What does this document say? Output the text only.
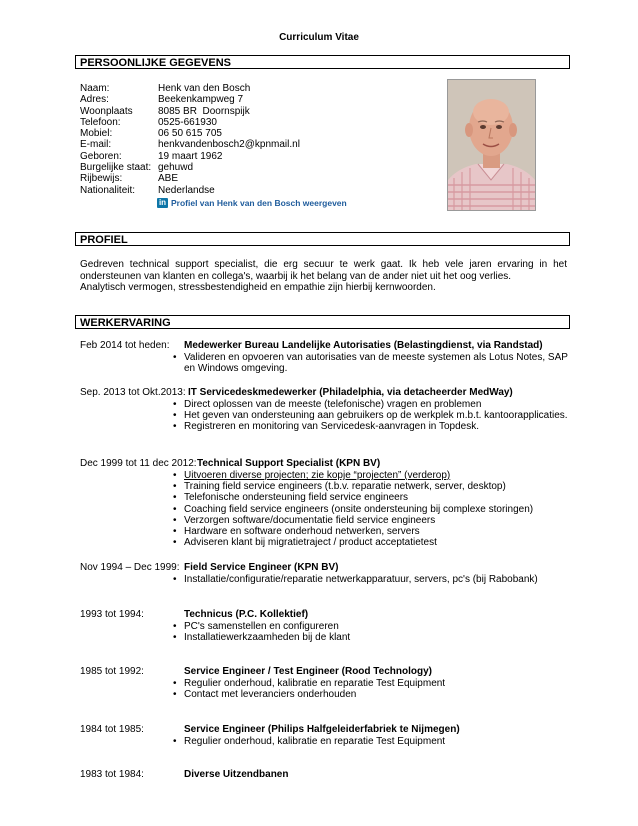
Curriculum Vitae
PERSOONLIJKE GEGEVENS
Naam:	Henk van den Bosch
Adres:	Beekenkampweg 7
Woonplaats	8085 BR  Doornspijk
Telefoon:	0525-661930
Mobiel:	06 50 615 705
E-mail:	henkvandenbosch2@kpnmail.nl
Geboren:	19 maart 1962
Burgelijke staat: gehuwd
Rijbewijs:	ABE
Nationaliteit:	Nederlandse
in Profiel van Henk van den Bosch weergeven
PROFIEL
Gedreven technical support specialist, die erg secuur te werk gaat. Ik heb vele jaren ervaring in het ondersteunen van klanten en collega's, waarbij ik het belang van de ander niet uit het oog verlies.
Analytisch vermogen, stressbestendigheid en empathie zijn hierbij kernwoorden.
WERKERVARING
Feb 2014 tot heden:	Medewerker Bureau Landelijke Autorisaties (Belastingdienst, via Randstad)
• Valideren en opvoeren van autorisaties van de meeste systemen als Lotus Notes, SAP en Windows omgeving.
Sep. 2013 tot Okt.2013: IT Servicedeskmedewerker (Philadelphia, via detacheerder MedWay)
• Direct oplossen van de meeste (telefonische) vragen en problemen
• Het geven van ondersteuning aan gebruikers op de werkplek m.b.t. kantoorapplicaties.
• Registreren en monitoring van Servicedesk-aanvragen in Topdesk.
Dec 1999 tot 11 dec 2012: Technical Support Specialist (KPN BV)
• Uitvoeren diverse projecten; zie kopje “projecten” (verderop)
• Training field service engineers (t.b.v. reparatie netwerk, server, desktop)
• Telefonische ondersteuning field service engineers
• Coaching field service engineers (onsite ondersteuning bij complexe storingen)
• Verzorgen software/documentatie field service engineers
• Hardware en software onderhoud netwerken, servers
• Adviseren klant bij migratietraject / product acceptatietest
Nov 1994 – Dec 1999: Field Service Engineer (KPN BV)
• Installatie/configuratie/reparatie netwerkapparatuur, servers, pc's (bij Rabobank)
1993 tot 1994:	Technicus (P.C. Kollektief)
• PC's samenstellen en configureren
• Installatiewerkzaamheden bij de klant
1985 tot 1992:	Service Engineer / Test Engineer (Rood Technology)
• Regulier onderhoud, kalibratie en reparatie Test Equipment
• Contact met leveranciers onderhouden
1984 tot 1985:	Service Engineer (Philips Halfgeleiderfabriek te Nijmegen)
• Regulier onderhoud, kalibratie en reparatie Test Equipment
1983 tot 1984:	Diverse Uitzendbanen
